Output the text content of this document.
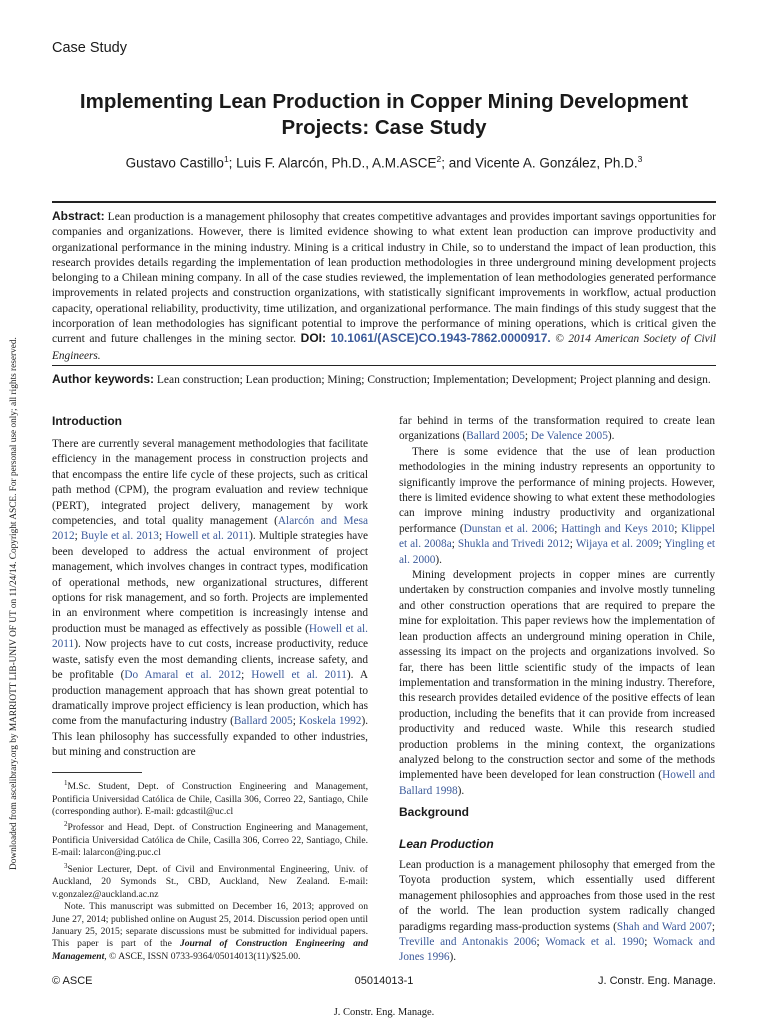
Case Study
Implementing Lean Production in Copper Mining Development Projects: Case Study
Gustavo Castillo$^1$; Luis F. Alarcón, Ph.D., A.M.ASCE$^2$; and Vicente A. González, Ph.D.$^3$

Abstract: Lean production is a management philosophy that creates competitive advantages and provides important savings opportunities for companies and organizations. However, there is limited evidence showing to what extent lean production can improve productivity and organizational performance in the mining industry. Mining is a critical industry in Chile, so to understand the impact of lean production, this research provides details regarding the implementation of lean production methodologies in three underground mining development projects belonging to a Chilean mining company. In all of the case studies reviewed, the implementation of lean methodologies generated performance improvements in related projects and construction organizations, with statistically significant improvements in workflow, actual production capacity, operational reliability, productivity, time utilization, and organizational performance. The main findings of this study suggest that the incorporation of lean methodologies has significant potential to improve the performance of mining operations, which is critical given the current and future challenges in the mining sector. DOI: 10.1061/(ASCE)CO.1943-7862.0000917. © 2014 American Society of Civil Engineers.

Author keywords: Lean construction; Lean production; Mining; Construction; Implementation; Development; Project planning and design.

Introduction

There are currently several management methodologies that facilitate efficiency in the management process in construction projects and that encompass the entire life cycle of these projects, such as critical path method (CPM), the program evaluation and review technique (PERT), integrated project delivery, management by work competencies, and total quality management (Alarcón and Mesa 2012; Buyle et al. 2013; Howell et al. 2011). Multiple strategies have been developed to address the actual environment of project management, which involves changes in contract types, modification of operational methods, new organizational structures, different options for risk management, and so forth. Projects are implemented in an environment where competition is increasingly intense and production must be managed as effectively as possible (Howell et al. 2011). Now projects have to cut costs, increase productivity, reduce waste, satisfy even the most demanding clients, increase safety, and be profitable (Do Amaral et al. 2012; Howell et al. 2011). A production management approach that has shown great potential to dramatically improve project efficiency is lean production, which has come from the manufacturing industry (Ballard 2005; Koskela 1992). This lean philosophy has successfully expanded to other industries, but mining and construction are

$^1$M.Sc. Student, Dept. of Construction Engineering and Management, Pontificia Universidad Católica de Chile, Casilla 306, Correo 22, Santiago, Chile (corresponding author). E-mail: gdcastil@uc.cl

$^2$Professor and Head, Dept. of Construction Engineering and Management, Pontificia Universidad Católica de Chile, Casilla 306, Correo 22, Santiago, Chile. E-mail: lalarcon@ing.puc.cl

$^3$Senior Lecturer, Dept. of Civil and Environmental Engineering, Univ. of Auckland, 20 Symonds St., CBD, Auckland, New Zealand. E-mail: v.gonzalez@auckland.ac.nz

Note. This manuscript was submitted on December 16, 2013; approved on June 27, 2014; published online on August 25, 2014. Discussion period open until January 25, 2015; separate discussions must be submitted for individual papers. This paper is part of the Journal of Construction Engineering and Management, © ASCE, ISSN 0733-9364/05014013(11)/$25.00.

far behind in terms of the transformation required to create lean organizations (Ballard 2005; De Valence 2005).

There is some evidence that the use of lean production methodologies in the mining industry represents an opportunity to significantly improve the performance of mining projects. However, there is limited evidence showing to what extent these methodologies can improve mining industry productivity and organizational performance (Dunstan et al. 2006; Hattingh and Keys 2010; Klippel et al. 2008a; Shukla and Trivedi 2012; Wijaya et al. 2009; Yingling et al. 2000).

Mining development projects in copper mines are currently undertaken by construction companies and involve mostly tunneling and other construction operations that are required to prepare the mine for exploitation. This paper reviews how the implementation of lean production affects an underground mining operation in Chile, assessing its impact on the projects and organizations involved. So far, there has been little scientific study of the impacts of lean implementation and transformation in the mining industry. Therefore, this research provides detailed evidence of the positive effects of lean production, including the benefits that it can provide from increased productivity and reduced waste. While this research studied production problems in the mining context, the organizations analyzed belong to the construction sector and some of the methods implemented have been developed for lean construction (Howell and Ballard 1998).

Background
Lean Production

Lean production is a management philosophy that emerged from the Toyota production system, which essentially used different management philosophies and approaches from those used in the rest of the world. The lean production system radically changed paradigms regarding mass-production systems (Shah and Ward 2007; Treville and Antonakis 2006; Womack et al. 1990; Womack and Jones 1996).

© ASCE	05014013-1	J. Constr. Eng. Manage.
J. Constr. Eng. Manage.
Downloaded from ascelibrary.org by MARRIOTT LIB-UNIV OF UT on 11/24/14. Copyright ASCE. For personal use only; all rights reserved.
